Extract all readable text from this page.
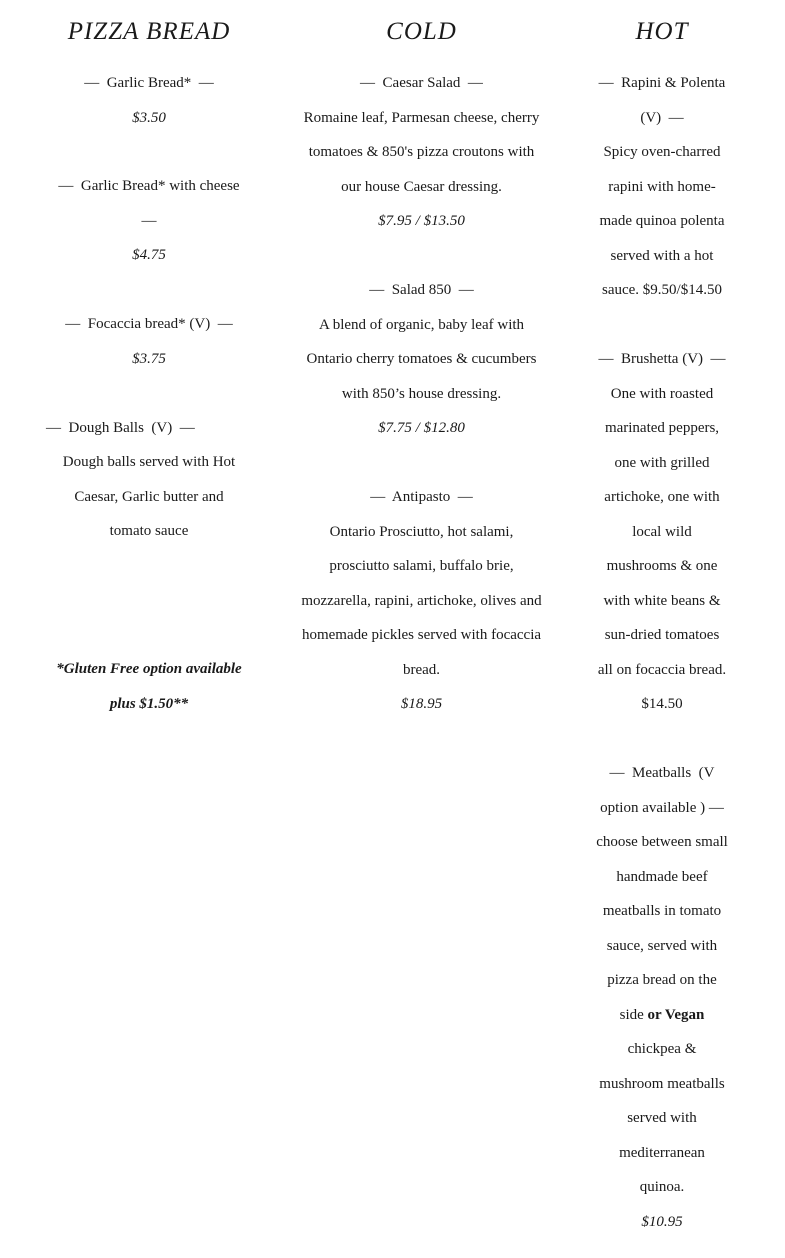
PIZZA BREAD
—  Garlic Bread*  —
$3.50
—  Garlic Bread* with cheese
—
$4.75
—  Focaccia bread* (V)  —
$3.75
—  Dough Balls  (V)  —
Dough balls served with Hot
Caesar, Garlic butter and
tomato sauce
*Gluten Free option available
plus $1.50**
COLD
—  Caesar Salad  —
Romaine leaf, Parmesan cheese, cherry
tomatoes & 850's pizza croutons with
our house Caesar dressing.
$7.95 / $13.50
—  Salad 850  —
A blend of organic, baby leaf with
Ontario cherry tomatoes & cucumbers
with 850’s house dressing.
$7.75 / $12.80
—  Antipasto  —
Ontario Prosciutto, hot salami,
prosciutto salami, buffalo brie,
mozzarella, rapini, artichoke, olives and
homemade pickles served with focaccia
bread.
$18.95
HOT
—  Rapini & Polenta
(V)  —
Spicy oven-charred
rapini with home-
made quinoa polenta
served with a hot
sauce. $9.50/$14.50
—  Brushetta (V)  —
One with roasted
marinated peppers,
one with grilled
artichoke, one with
local wild
mushrooms & one
with white beans &
sun-dried tomatoes
all on focaccia bread.
$14.50
—  Meatballs  (V
option available ) —
choose between small
handmade beef
meatballs in tomato
sauce, served with
pizza bread on the
side or Vegan
chickpea &
mushroom meatballs
served with
mediterranean
quinoa.
$10.95
